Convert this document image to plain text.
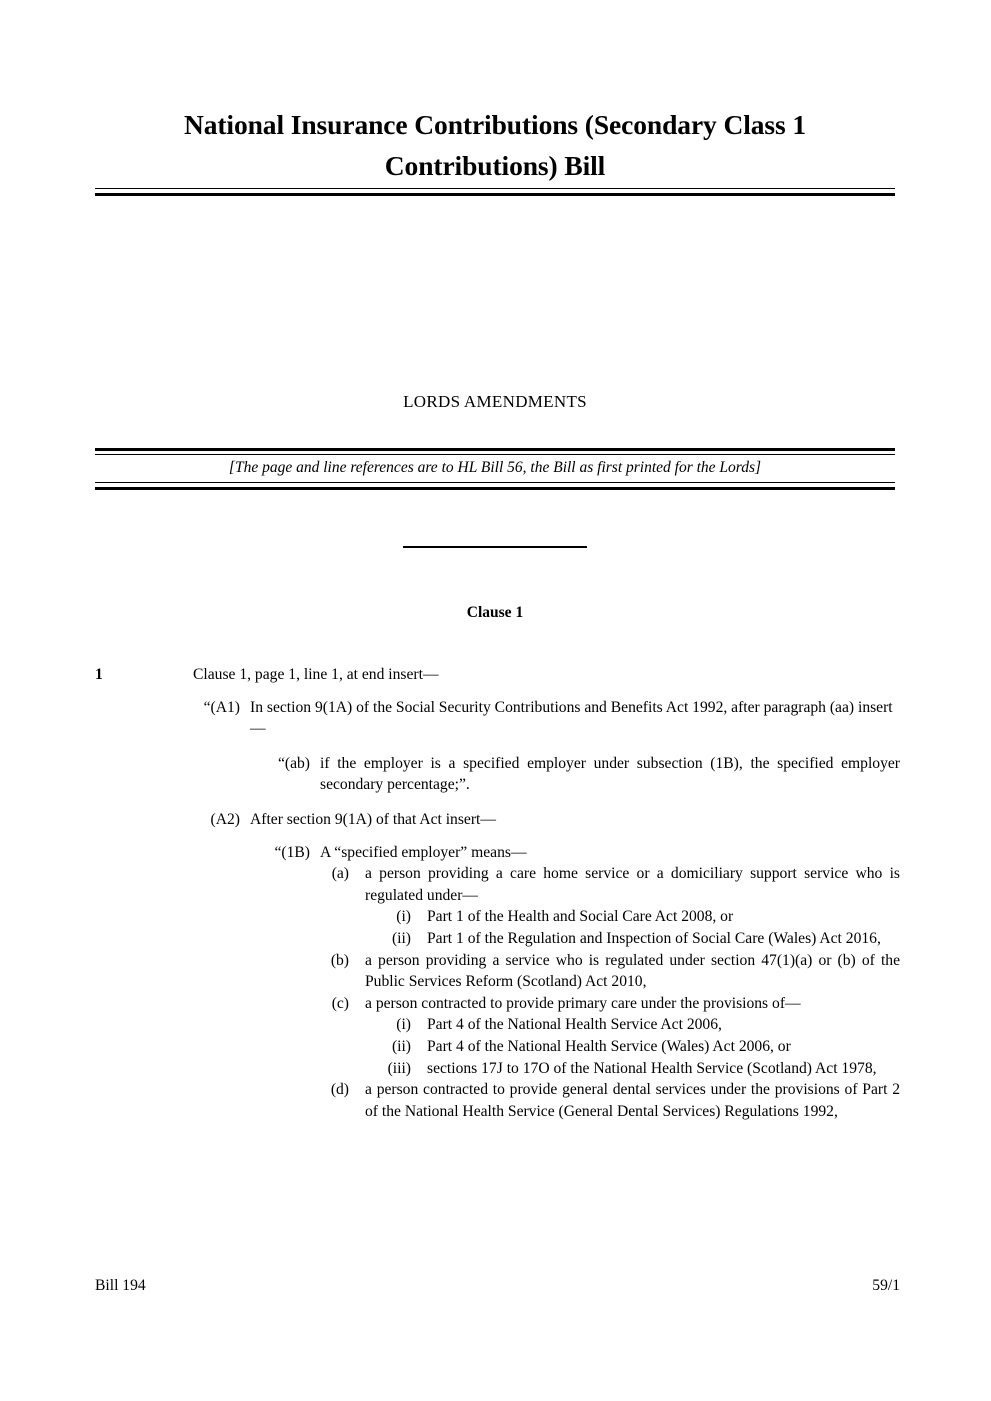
National Insurance Contributions (Secondary Class 1 Contributions) Bill
LORDS AMENDMENTS
[The page and line references are to HL Bill 56, the Bill as first printed for the Lords]
Clause 1
1	Clause 1, page 1, line 1, at end insert—
“(A1) In section 9(1A) of the Social Security Contributions and Benefits Act 1992, after paragraph (aa) insert—
“(ab) if the employer is a specified employer under subsection (1B), the specified employer secondary percentage;”.
(A2) After section 9(1A) of that Act insert—
“(1B) A “specified employer” means—
(a) a person providing a care home service or a domiciliary support service who is regulated under—
(i) Part 1 of the Health and Social Care Act 2008, or
(ii) Part 1 of the Regulation and Inspection of Social Care (Wales) Act 2016,
(b) a person providing a service who is regulated under section 47(1)(a) or (b) of the Public Services Reform (Scotland) Act 2010,
(c) a person contracted to provide primary care under the provisions of—
(i) Part 4 of the National Health Service Act 2006,
(ii) Part 4 of the National Health Service (Wales) Act 2006, or
(iii) sections 17J to 17O of the National Health Service (Scotland) Act 1978,
(d) a person contracted to provide general dental services under the provisions of Part 2 of the National Health Service (General Dental Services) Regulations 1992,
Bill 194	59/1
